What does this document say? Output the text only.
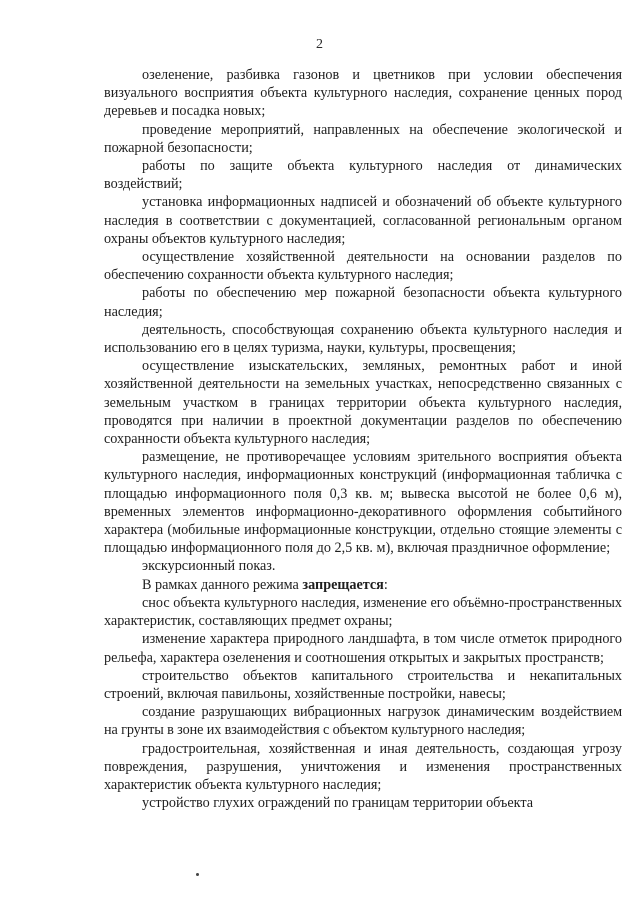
2

озеленение, разбивка газонов и цветников при условии обеспечения визуального восприятия объекта культурного наследия, сохранение ценных пород деревьев и посадка новых;

проведение мероприятий, направленных на обеспечение экологической и пожарной безопасности;

работы по защите объекта культурного наследия от динамических воздействий;

установка информационных надписей и обозначений об объекте культурного наследия в соответствии с документацией, согласованной региональным органом охраны объектов культурного наследия;

осуществление хозяйственной деятельности на основании разделов по обеспечению сохранности объекта культурного наследия;

работы по обеспечению мер пожарной безопасности объекта культурного наследия;

деятельность, способствующая сохранению объекта культурного наследия и использованию его в целях туризма, науки, культуры, просвещения;

осуществление изыскательских, земляных, ремонтных работ и иной хозяйственной деятельности на земельных участках, непосредственно связанных с земельным участком в границах территории объекта культурного наследия, проводятся при наличии в проектной документации разделов по обеспечению сохранности объекта культурного наследия;

размещение, не противоречащее условиям зрительного восприятия объекта культурного наследия, информационных конструкций (информационная табличка с площадью информационного поля 0,3 кв. м; вывеска высотой не более 0,6 м), временных элементов информационно-декоративного оформления событийного характера (мобильные информационные конструкции, отдельно стоящие элементы с площадью информационного поля до 2,5 кв. м), включая праздничное оформление;

экскурсионный показ.

В рамках данного режима запрещается:

снос объекта культурного наследия, изменение его объёмно-пространственных характеристик, составляющих предмет охраны;

изменение характера природного ландшафта, в том числе отметок природного рельефа, характера озеленения и соотношения открытых и закрытых пространств;

строительство объектов капитального строительства и некапитальных строений, включая павильоны, хозяйственные постройки, навесы;

создание разрушающих вибрационных нагрузок динамическим воздействием на грунты в зоне их взаимодействия с объектом культурного наследия;

градостроительная, хозяйственная и иная деятельность, создающая угрозу повреждения, разрушения, уничтожения и изменения пространственных характеристик объекта культурного наследия;

устройство глухих ограждений по границам территории объекта
